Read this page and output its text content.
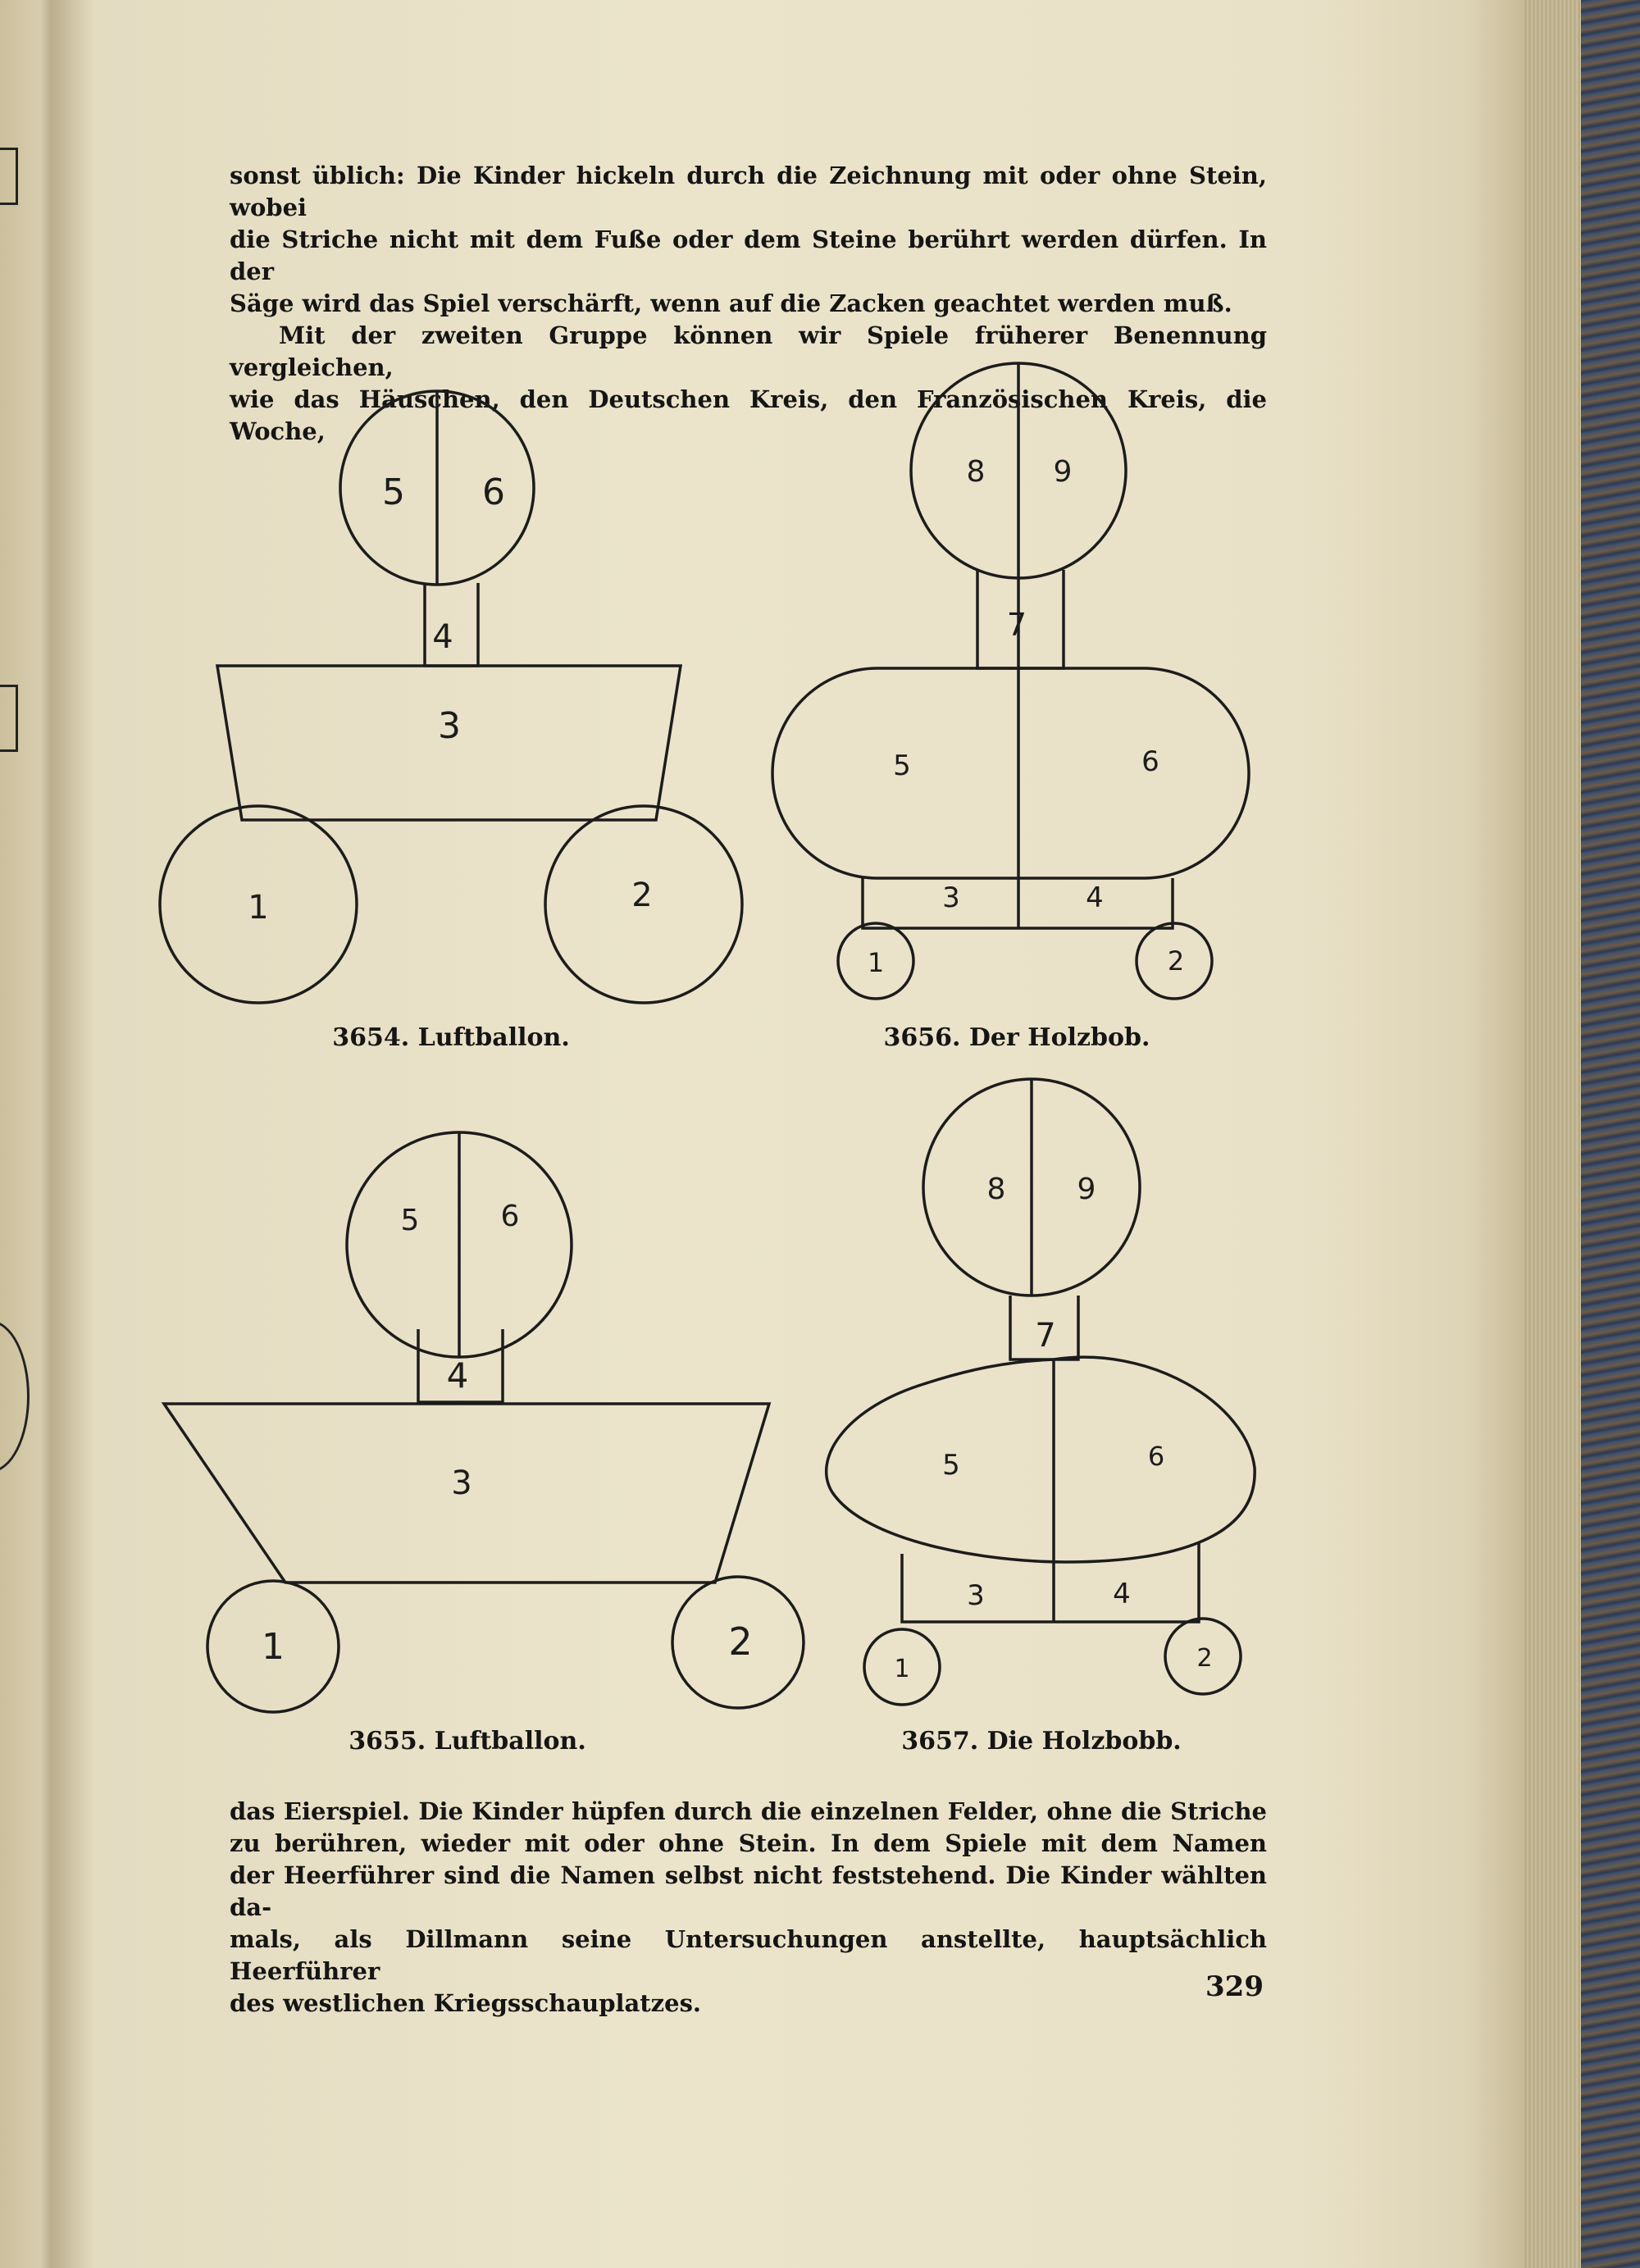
sonst üblich: Die Kinder hickeln durch die Zeichnung mit oder ohne Stein, wobei
die Striche nicht mit dem Fuße oder dem Steine berührt werden dürfen. In der
Säge wird das Spiel verschärft, wenn auf die Zacken geachtet werden muß.
Mit der zweiten Gruppe können wir Spiele früherer Benennung vergleichen,
wie das Häuschen, den Deutschen Kreis, den Französischen Kreis, die Woche,
5 6
4
3
1	2
3654. Luftballon.
8 9
7
5	6
3	4
1	2
3656. Der Holzbob.
5	6
4
3
1	2
3655. Luftballon.
8 9
7
5	6
3	4
1	2
3657. Die Holzbobb.
das Eierspiel. Die Kinder hüpfen durch die einzelnen Felder, ohne die Striche
zu berühren, wieder mit oder ohne Stein. In dem Spiele mit dem Namen
der Heerführer sind die Namen selbst nicht feststehend. Die Kinder wählten da-
mals, als Dillmann seine Untersuchungen anstellte, hauptsächlich Heerführer
des westlichen Kriegsschauplatzes.	329
